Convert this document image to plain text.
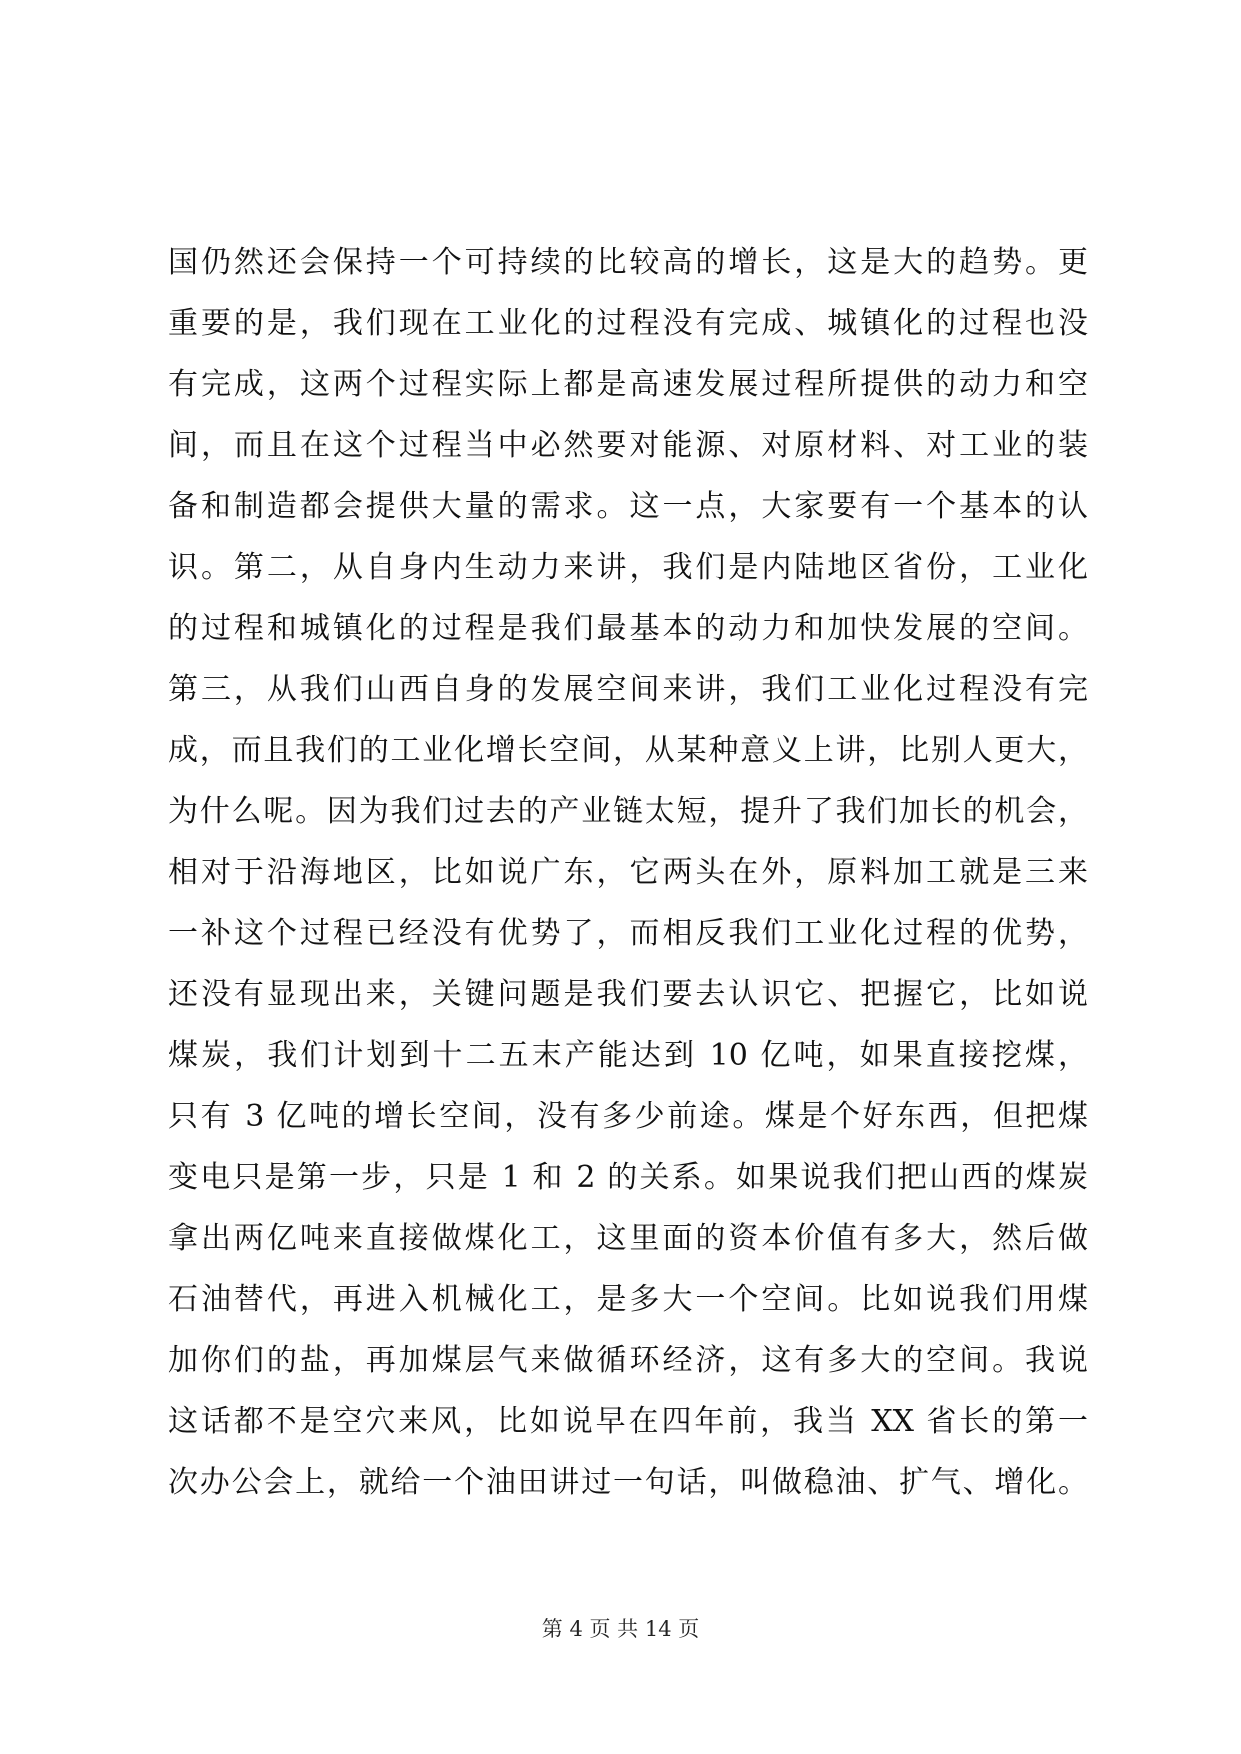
国仍然还会保持一个可持续的比较高的增长，这是大的趋势。更
重要的是，我们现在工业化的过程没有完成、城镇化的过程也没
有完成，这两个过程实际上都是高速发展过程所提供的动力和空
间，而且在这个过程当中必然要对能源、对原材料、对工业的装
备和制造都会提供大量的需求。这一点，大家要有一个基本的认
识。第二，从自身内生动力来讲，我们是内陆地区省份，工业化
的过程和城镇化的过程是我们最基本的动力和加快发展的空间。
第三，从我们山西自身的发展空间来讲，我们工业化过程没有完
成，而且我们的工业化增长空间，从某种意义上讲，比别人更大，
为什么呢。因为我们过去的产业链太短，提升了我们加长的机会，
相对于沿海地区，比如说广东，它两头在外，原料加工就是三来
一补这个过程已经没有优势了，而相反我们工业化过程的优势，
还没有显现出来，关键问题是我们要去认识它、把握它，比如说
煤炭，我们计划到十二五末产能达到 10 亿吨，如果直接挖煤，
只有 3 亿吨的增长空间，没有多少前途。煤是个好东西，但把煤
变电只是第一步，只是 1 和 2 的关系。如果说我们把山西的煤炭
拿出两亿吨来直接做煤化工，这里面的资本价值有多大，然后做
石油替代，再进入机械化工，是多大一个空间。比如说我们用煤
加你们的盐，再加煤层气来做循环经济，这有多大的空间。我说
这话都不是空穴来风，比如说早在四年前，我当 XX 省长的第一
次办公会上，就给一个油田讲过一句话，叫做稳油、扩气、增化。
第 4 页 共 14 页
